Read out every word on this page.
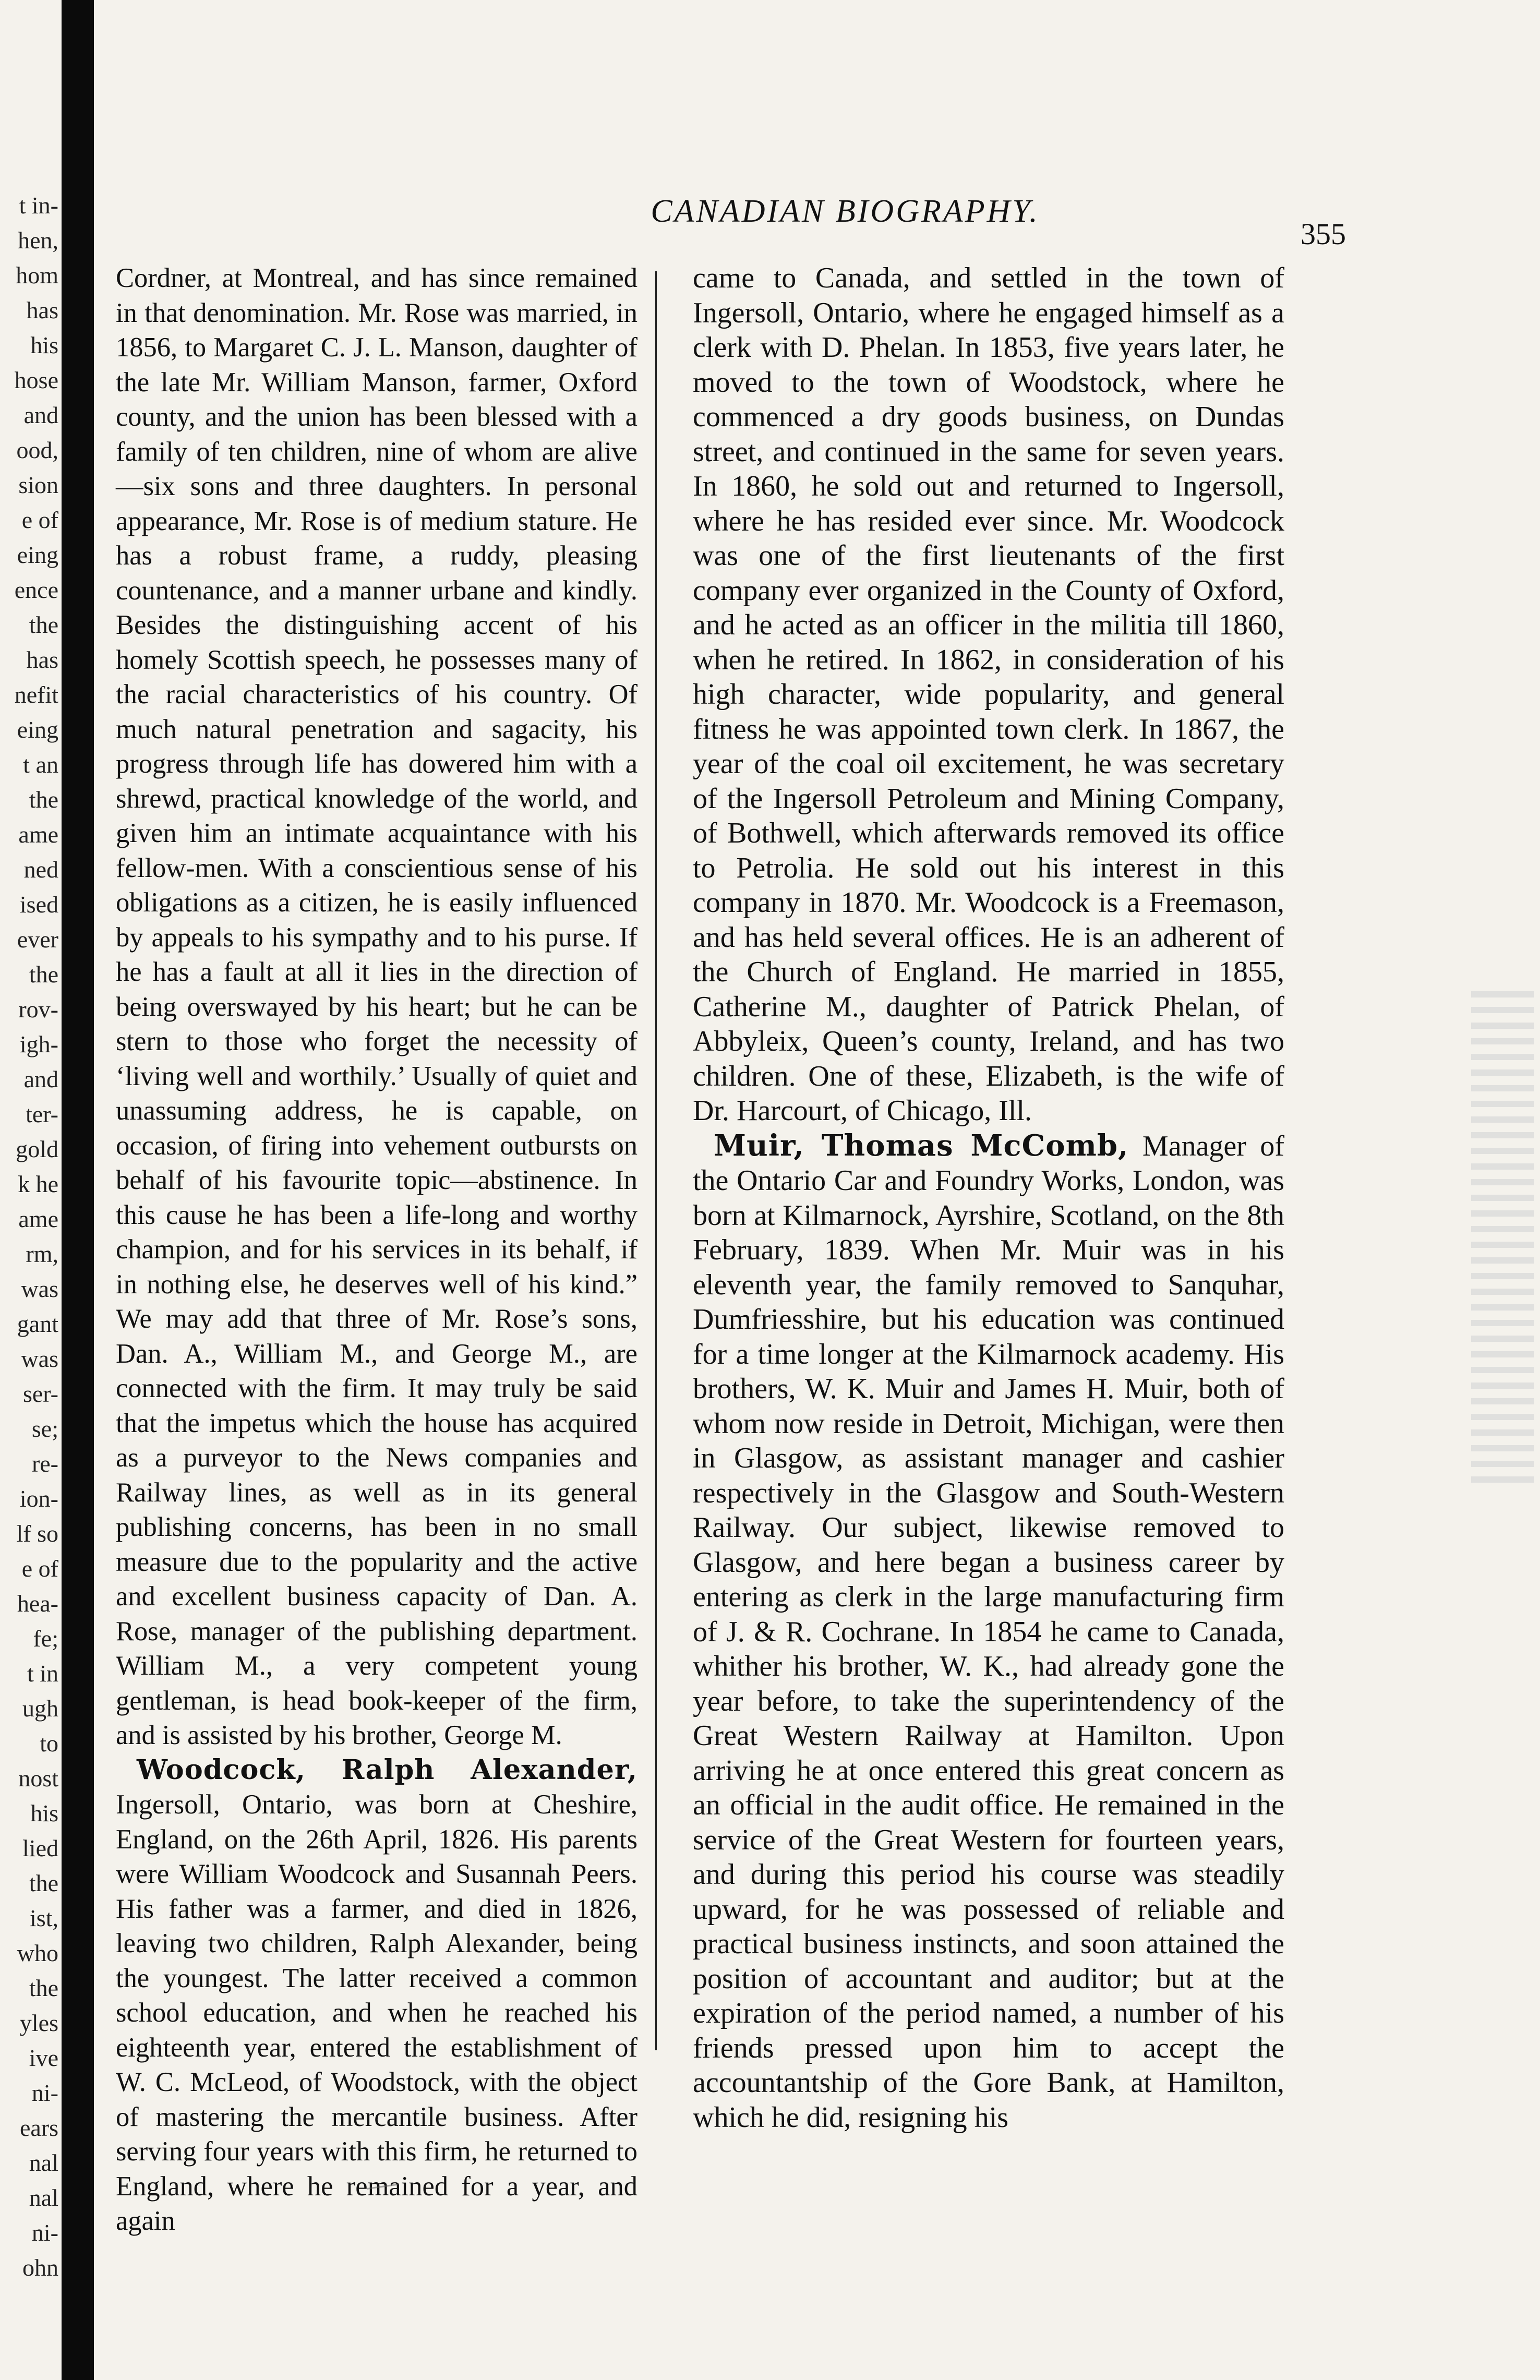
t in-
hen,
hom
has
his
hose
and
ood,
sion
e of
eing
ence
the
has
nefit
eing
t an
the
ame
ned
ised
ever
the
rov-
igh-
and
ter-
gold
k he
ame
rm,
was
gant
was
ser-
se;
re-
ion-
lf so
e of
hea-
fe;
t in
ugh
to
nost
his
lied
the
ist,
who
the
yles
ive
ni-
ears
nal
nal
ni-
ohn
CANADIAN BIOGRAPHY.
355

Cordner, at Montreal, and has since remained in that denomination. Mr. Rose was married, in 1856, to Margaret C. J. L. Manson, daughter of the late Mr. William Manson, farmer, Oxford county, and the union has been blessed with a family of ten children, nine of whom are alive—six sons and three daughters. In personal appearance, Mr. Rose is of medium stature. He has a robust frame, a ruddy, pleasing countenance, and a manner urbane and kindly. Besides the distinguishing accent of his homely Scottish speech, he possesses many of the racial characteristics of his country. Of much natural penetration and sagacity, his progress through life has dowered him with a shrewd, practical knowledge of the world, and given him an intimate acquaintance with his fellow-men. With a conscientious sense of his obligations as a citizen, he is easily influenced by appeals to his sympathy and to his purse. If he has a fault at all it lies in the direction of being overswayed by his heart; but he can be stern to those who forget the necessity of ‘living well and worthily.’ Usually of quiet and unassuming address, he is capable, on occasion, of firing into vehement outbursts on behalf of his favourite topic—abstinence. In this cause he has been a life-long and worthy champion, and for his services in its behalf, if in nothing else, he deserves well of his kind.” We may add that three of Mr. Rose’s sons, Dan. A., William M., and George M., are connected with the firm. It may truly be said that the impetus which the house has acquired as a purveyor to the News companies and Railway lines, as well as in its general publishing concerns, has been in no small measure due to the popularity and the active and excellent business capacity of Dan. A. Rose, manager of the publishing department. William M., a very competent young gentleman, is head book-keeper of the firm, and is assisted by his brother, George M.

Woodcock, Ralph Alexander, Ingersoll, Ontario, was born at Cheshire, England, on the 26th April, 1826. His parents were William Woodcock and Susannah Peers. His father was a farmer, and died in 1826, leaving two children, Ralph Alexander, being the youngest. The latter received a common school education, and when he reached his eighteenth year, entered the establishment of W. C. McLeod, of Woodstock, with the object of mastering the mercantile business. After serving four years with this firm, he returned to England, where he remained for a year, and again

came to Canada, and settled in the town of Ingersoll, Ontario, where he engaged himself as a clerk with D. Phelan. In 1853, five years later, he moved to the town of Woodstock, where he commenced a dry goods business, on Dundas street, and continued in the same for seven years. In 1860, he sold out and returned to Ingersoll, where he has resided ever since. Mr. Woodcock was one of the first lieutenants of the first company ever organized in the County of Oxford, and he acted as an officer in the militia till 1860, when he retired. In 1862, in consideration of his high character, wide popularity, and general fitness he was appointed town clerk. In 1867, the year of the coal oil excitement, he was secretary of the Ingersoll Petroleum and Mining Company, of Bothwell, which afterwards removed its office to Petrolia. He sold out his interest in this company in 1870. Mr. Woodcock is a Freemason, and has held several offices. He is an adherent of the Church of England. He married in 1855, Catherine M., daughter of Patrick Phelan, of Abbyleix, Queen’s county, Ireland, and has two children. One of these, Elizabeth, is the wife of Dr. Harcourt, of Chicago, Ill.

Muir, Thomas McComb, Manager of the Ontario Car and Foundry Works, London, was born at Kilmarnock, Ayrshire, Scotland, on the 8th February, 1839. When Mr. Muir was in his eleventh year, the family removed to Sanquhar, Dumfriesshire, but his education was continued for a time longer at the Kilmarnock academy. His brothers, W. K. Muir and James H. Muir, both of whom now reside in Detroit, Michigan, were then in Glasgow, as assistant manager and cashier respectively in the Glasgow and South-Western Railway. Our subject, likewise removed to Glasgow, and here began a business career by entering as clerk in the large manufacturing firm of J. & R. Cochrane. In 1854 he came to Canada, whither his brother, W. K., had already gone the year before, to take the superintendency of the Great Western Railway at Hamilton. Upon arriving he at once entered this great concern as an official in the audit office. He remained in the service of the Great Western for fourteen years, and during this period his course was steadily upward, for he was possessed of reliable and practical business instincts, and soon attained the position of accountant and auditor; but at the expiration of the period named, a number of his friends pressed upon him to accept the accountantship of the Gore Bank, at Hamilton, which he did, resigning his
